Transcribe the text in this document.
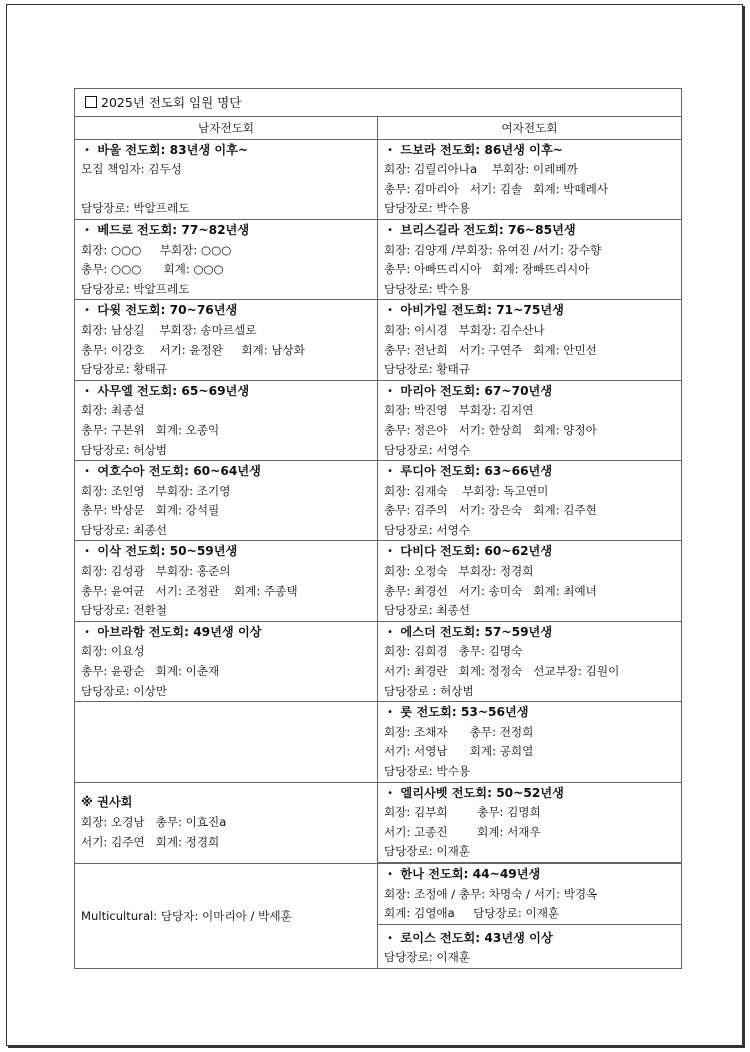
2025년 전도회 임원 명단	
남자전도회	여자전도회

・ 바울 전도회: 83년생 이후~
모집 책임자: 김두성
담당장로: 박알프레도	・ 드보라 전도회: 86년생 이후~
회장: 김릴리아나a    부회장: 이레베까
총무: 김마리아   서기: 김솔   회계: 박떼레사
담당장로: 박수용

・ 베드로 전도회: 77~82년생
회장: ○○○     부회장: ○○○
총무: ○○○      회계: ○○○
담당장로: 박알프레도	・ 브리스길라 전도회: 76~85년생
회장: 김양재 /부회장: 유여진 /서기: 강수향
총무: 아빠뜨리시아   회계: 장빠뜨리시아
담당장로: 박수용

・ 다윗 전도회: 70~76년생
회장: 남상길    부회장: 송마르셀로
총무: 이강호    서기: 윤정완     회계: 남상화
담당장로: 황태규	・ 아비가일 전도회: 71~75년생
회장: 이시경   부회장: 김수산나
총무: 전난희   서기: 구연주   회계: 안민선
담당장로: 황태규

・ 사무엘 전도회: 65~69년생
회장: 최종설
총무: 구본위   회계: 오종익
담당장로: 허상범	・ 마리아 전도회: 67~70년생
회장: 박진영   부회장: 김지연
총무: 정은아   서기: 한상희   회계: 양정아
담당장로: 서영수

・ 여호수아 전도회: 60~64년생
회장: 조인영   부회장: 조기영
총무: 박상문   회계: 강석필
담당장로: 최종선	・ 루디아 전도회: 63~66년생
회장: 김재숙    부회장: 독고연미
총무: 김주의   서기: 장은숙   회계: 김주현
담당장로: 서영수

・ 이삭 전도회: 50~59년생
회장: 김성광   부회장: 홍준의
총무: 윤여균   서기: 조정관    회계: 주종택
담당장로: 전환철	・ 다비다 전도회: 60~62년생
회장: 오정숙   부회장: 정경희
총무: 최경선   서기: 송미숙   회계: 최예녀
담당장로: 최종선

・ 아브라함 전도회: 49년생 이상
회장: 이요성
총무: 윤광순   회계: 이춘재
담당장로: 이상만	・ 에스더 전도회: 57~59년생
회장: 김희경   총무: 김명숙
서기: 최경란   회계: 정정숙   선교부장: 김원이
담당장로 : 허상범

	・ 룻 전도회: 53~56년생
회장: 조채자      총무: 전정희
서기: 서영남      회계: 공희열
담당장로: 박수용

※ 권사회
회장: 오경남   총무: 이효진a
서기: 김주연   회계: 정경희	・ 엘리사벳 전도회: 50~52년생
회장: 김부희        총무: 김명희
서기: 고종진        회계: 서재우
담당장로: 이재훈

Multicultural: 담당자: 이마리아 / 박세훈	・ 한나 전도회: 44~49년생
회장: 조정애 / 총무: 차명숙 / 서기: 박경옥
회계: 김영애a     담당장로: 이재훈

	・ 로이스 전도회: 43년생 이상
담당장로: 이재훈
